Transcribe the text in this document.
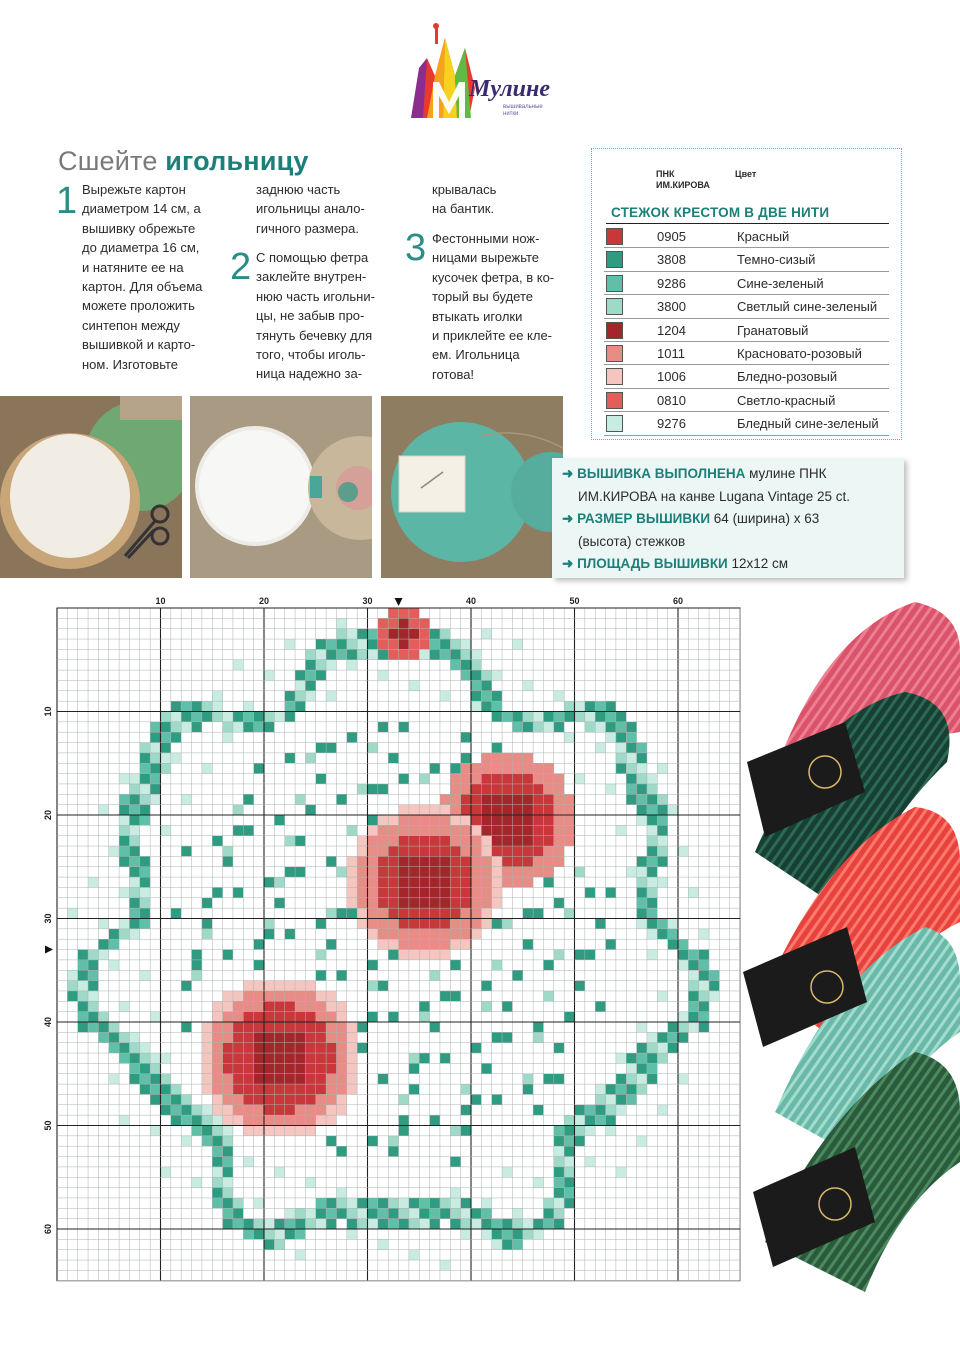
Мулине
вышивальные нитки
Сшейте игольницу
1 Вырежьте картон
диаметром 14 см, а
вышивку обрежьте
до диаметра 16 см,
и натяните ее на
картон. Для объема
можете проложить
синтепон между
вышивкой и карто-
ном. Изготовьте
заднюю часть
игольницы анало-
гичного размера.
2 С помощью фетра
заклейте внутрен-
нюю часть игольни-
цы, не забыв про-
тянуть бечевку для
того, чтобы иголь-
ница надежно за-
крывалась
на бантик.
3 Фестонными нож-
ницами вырежьте
кусочек фетра, в ко-
торый вы будете
втыкать иголки
и приклейте ее кле-
ем. Игольница
готова!
ПНК ИМ.КИРОВА
Цвет
СТЕЖОК КРЕСТОМ В ДВЕ НИТИ
0905	Красный
3808	Темно-сизый
9286	Сине-зеленый
3800	Светлый сине-зеленый
1204	Гранатовый
1011	Красновато-розовый
1006	Бледно-розовый
0810	Светло-красный
9276	Бледный сине-зеленый
➜ ВЫШИВКА ВЫПОЛНЕНА мулине ПНК
ИМ.КИРОВА на канве Lugana Vintage 25 ct.
➜ РАЗМЕР ВЫШИВКИ 64 (ширина) х 63
(высота) стежков
➜ ПЛОЩАДЬ ВЫШИВКИ 12х12 см
10	20	30	40	50	60
10
20
30
40
50
60
